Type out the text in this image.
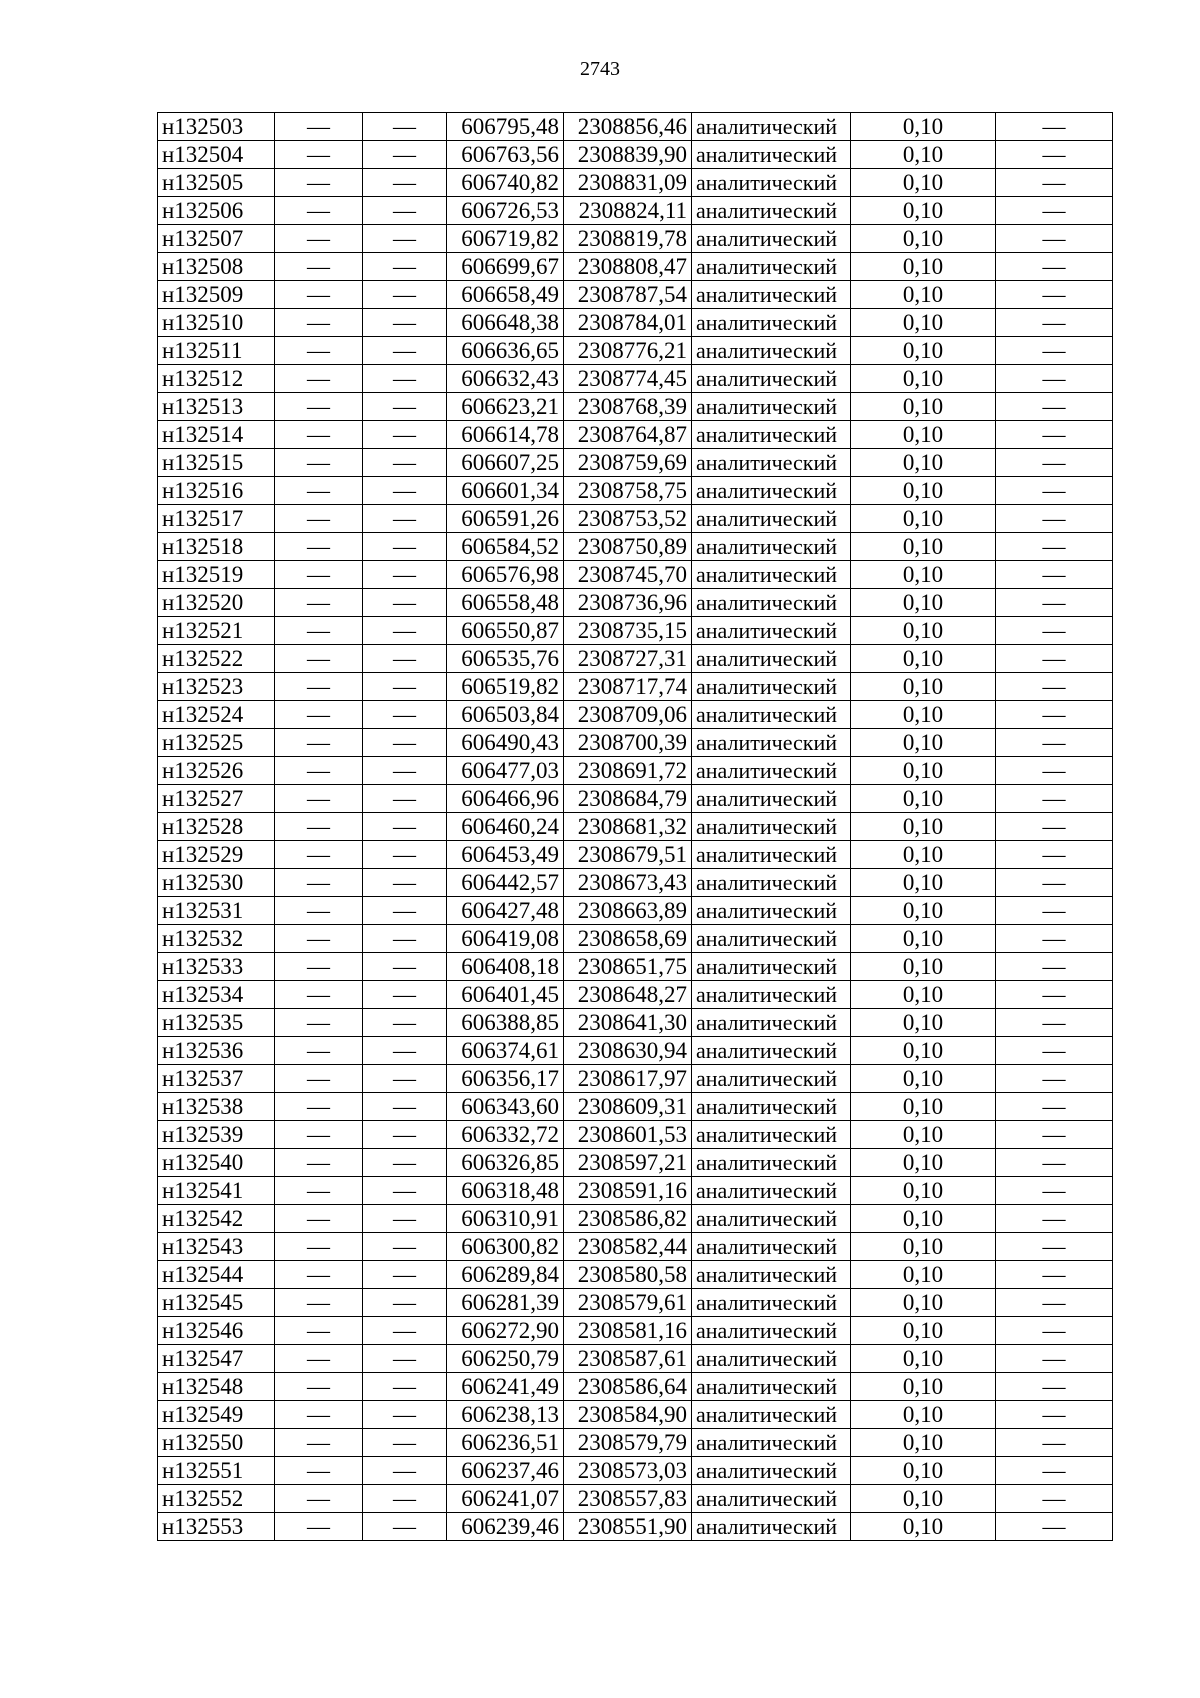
2743
н132503	—	—	606795,48	2308856,46	аналитический	0,10	—
н132504	—	—	606763,56	2308839,90	аналитический	0,10	—
н132505	—	—	606740,82	2308831,09	аналитический	0,10	—
н132506	—	—	606726,53	2308824,11	аналитический	0,10	—
н132507	—	—	606719,82	2308819,78	аналитический	0,10	—
н132508	—	—	606699,67	2308808,47	аналитический	0,10	—
н132509	—	—	606658,49	2308787,54	аналитический	0,10	—
н132510	—	—	606648,38	2308784,01	аналитический	0,10	—
н132511	—	—	606636,65	2308776,21	аналитический	0,10	—
н132512	—	—	606632,43	2308774,45	аналитический	0,10	—
н132513	—	—	606623,21	2308768,39	аналитический	0,10	—
н132514	—	—	606614,78	2308764,87	аналитический	0,10	—
н132515	—	—	606607,25	2308759,69	аналитический	0,10	—
н132516	—	—	606601,34	2308758,75	аналитический	0,10	—
н132517	—	—	606591,26	2308753,52	аналитический	0,10	—
н132518	—	—	606584,52	2308750,89	аналитический	0,10	—
н132519	—	—	606576,98	2308745,70	аналитический	0,10	—
н132520	—	—	606558,48	2308736,96	аналитический	0,10	—
н132521	—	—	606550,87	2308735,15	аналитический	0,10	—
н132522	—	—	606535,76	2308727,31	аналитический	0,10	—
н132523	—	—	606519,82	2308717,74	аналитический	0,10	—
н132524	—	—	606503,84	2308709,06	аналитический	0,10	—
н132525	—	—	606490,43	2308700,39	аналитический	0,10	—
н132526	—	—	606477,03	2308691,72	аналитический	0,10	—
н132527	—	—	606466,96	2308684,79	аналитический	0,10	—
н132528	—	—	606460,24	2308681,32	аналитический	0,10	—
н132529	—	—	606453,49	2308679,51	аналитический	0,10	—
н132530	—	—	606442,57	2308673,43	аналитический	0,10	—
н132531	—	—	606427,48	2308663,89	аналитический	0,10	—
н132532	—	—	606419,08	2308658,69	аналитический	0,10	—
н132533	—	—	606408,18	2308651,75	аналитический	0,10	—
н132534	—	—	606401,45	2308648,27	аналитический	0,10	—
н132535	—	—	606388,85	2308641,30	аналитический	0,10	—
н132536	—	—	606374,61	2308630,94	аналитический	0,10	—
н132537	—	—	606356,17	2308617,97	аналитический	0,10	—
н132538	—	—	606343,60	2308609,31	аналитический	0,10	—
н132539	—	—	606332,72	2308601,53	аналитический	0,10	—
н132540	—	—	606326,85	2308597,21	аналитический	0,10	—
н132541	—	—	606318,48	2308591,16	аналитический	0,10	—
н132542	—	—	606310,91	2308586,82	аналитический	0,10	—
н132543	—	—	606300,82	2308582,44	аналитический	0,10	—
н132544	—	—	606289,84	2308580,58	аналитический	0,10	—
н132545	—	—	606281,39	2308579,61	аналитический	0,10	—
н132546	—	—	606272,90	2308581,16	аналитический	0,10	—
н132547	—	—	606250,79	2308587,61	аналитический	0,10	—
н132548	—	—	606241,49	2308586,64	аналитический	0,10	—
н132549	—	—	606238,13	2308584,90	аналитический	0,10	—
н132550	—	—	606236,51	2308579,79	аналитический	0,10	—
н132551	—	—	606237,46	2308573,03	аналитический	0,10	—
н132552	—	—	606241,07	2308557,83	аналитический	0,10	—
н132553	—	—	606239,46	2308551,90	аналитический	0,10	—
